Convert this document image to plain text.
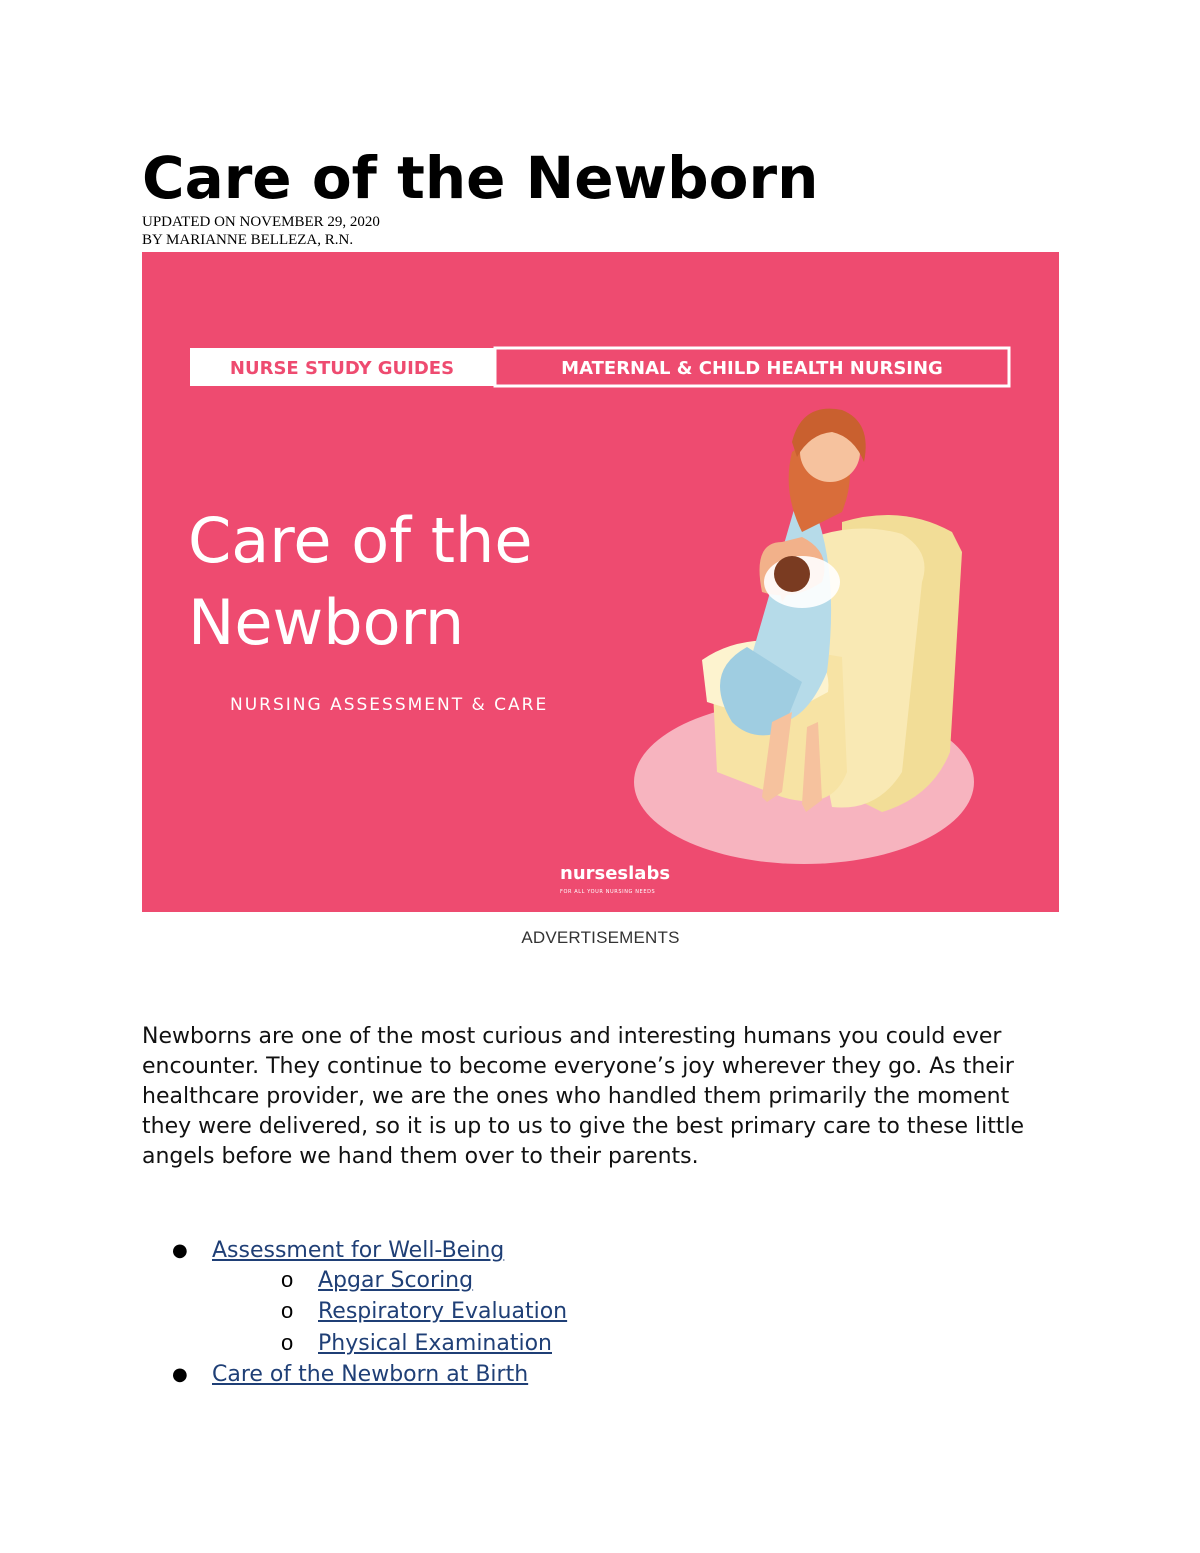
Care of the Newborn
UPDATED ON NOVEMBER 29, 2020
BY MARIANNE BELLEZA, R.N.
NURSE STUDY GUIDES	MATERNAL & CHILD HEALTH NURSING
Care of the
Newborn
NURSING ASSESSMENT & CARE
nurseslabs
FOR ALL YOUR NURSING NEEDS
ADVERTISEMENTS

Newborns are one of the most curious and interesting humans you could ever encounter. They continue to become everyone’s joy wherever they go. As their healthcare provider, we are the ones who handled them primarily the moment they were delivered, so it is up to us to give the best primary care to these little angels before we hand them over to their parents.

● Assessment for Well-Being
o Apgar Scoring
o Respiratory Evaluation
o Physical Examination
● Care of the Newborn at Birth
